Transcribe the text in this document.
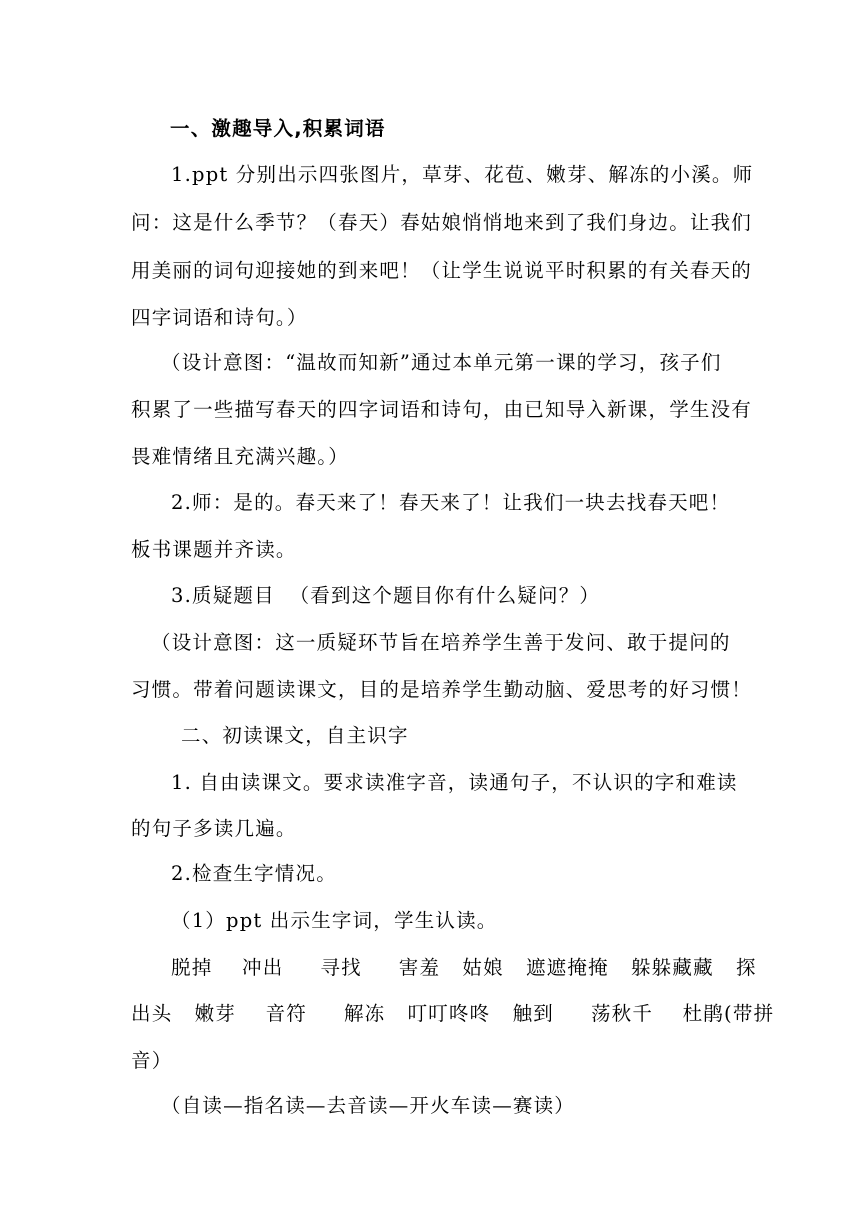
一、激趣导入,积累词语
1.ppt 分别出示四张图片，草芽、花苞、嫩芽、解冻的小溪。师
问：这是什么季节？（春天）春姑娘悄悄地来到了我们身边。让我们
用美丽的词句迎接她的到来吧！（让学生说说平时积累的有关春天的
四字词语和诗句。）
（设计意图：“温故而知新”通过本单元第一课的学习，孩子们
积累了一些描写春天的四字词语和诗句，由已知导入新课，学生没有
畏难情绪且充满兴趣。）
2.师：是的。春天来了！春天来了！让我们一块去找春天吧！
板书课题并齐读。
3.质疑题目  （看到这个题目你有什么疑问？）
（设计意图：这一质疑环节旨在培养学生善于发问、敢于提问的
习惯。带着问题读课文，目的是培养学生勤动脑、爱思考的好习惯！
二、初读课文，自主识字
1. 自由读课文。要求读准字音，读通句子，不认识的字和难读
的句子多读几遍。
2.检查生字情况。
（1）ppt 出示生字词，学生认读。
脱掉    冲出     寻找     害羞   姑娘   遮遮掩掩   躲躲藏藏   探
出头   嫩芽    音符     解冻   叮叮咚咚   触到     荡秋千    杜鹃(带拼
音）
（自读—指名读—去音读—开火车读—赛读）
